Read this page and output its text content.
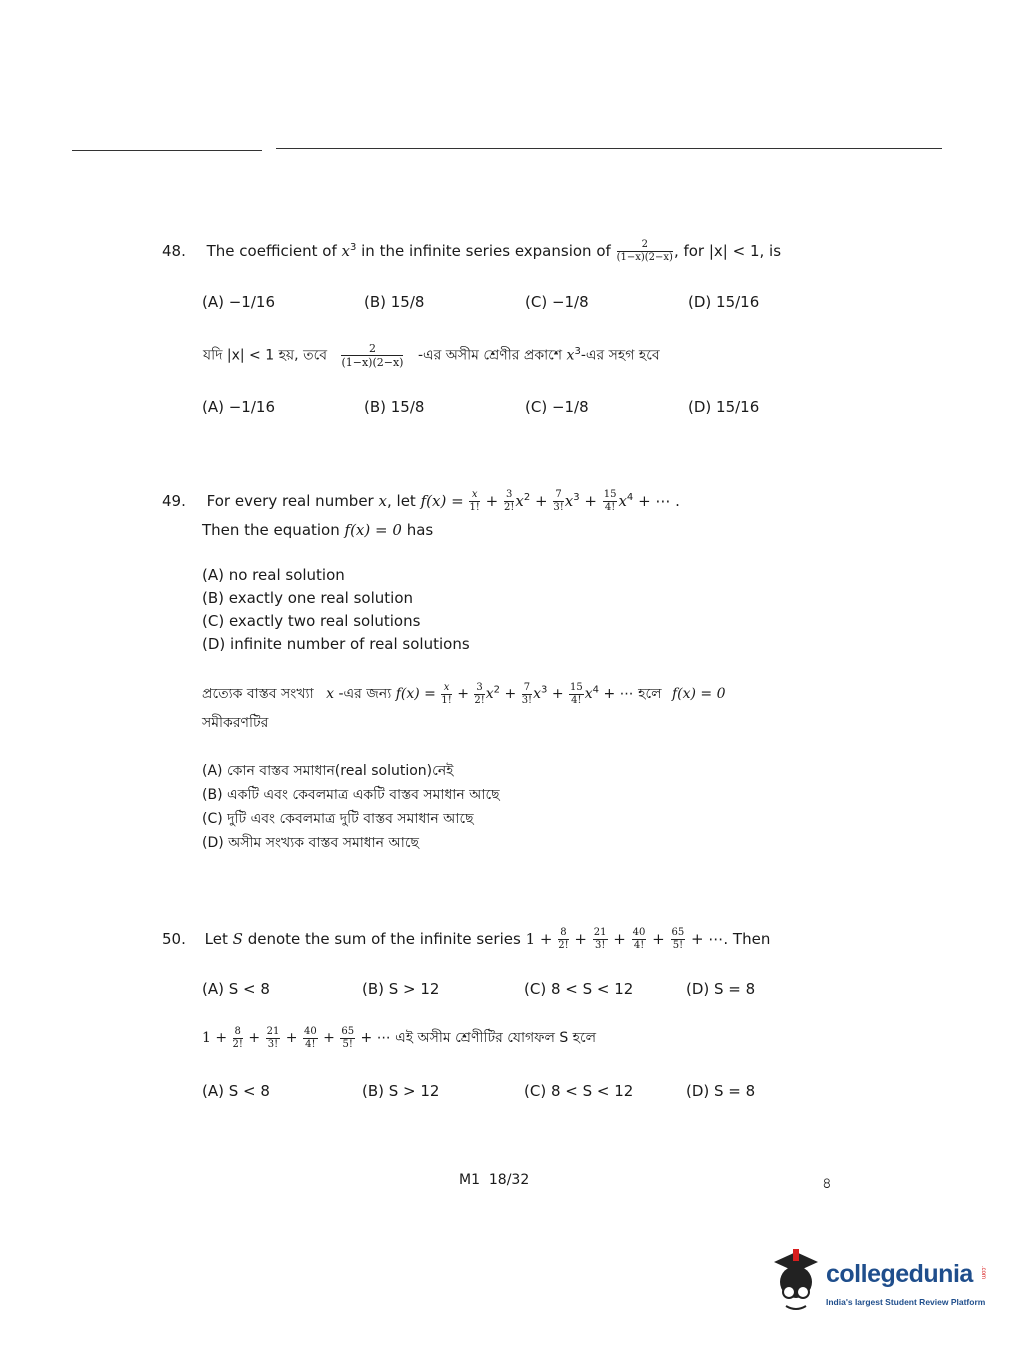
48. The coefficient of $x^3$ in the infinite series expansion of $\frac{2}{(1-x)(2-x)}$ , for |x| < 1, is
(A) −1/16	(B) 15/8	(C) −1/8	(D) 15/16
যদি |x| < 1 হয়, তবে $\frac{2}{(1-x)(2-x)}$ -এর অসীম শ্রেণীর প্রকাশে $x^3-এর$ সহগ হবে
(A) −1/16	(B) 15/8	(C) −1/8	(D) 15/16
49. For every real number x, let $f(x) = \frac{x}{1!} + \frac{3}{2!} x^2 + \frac{7}{3!} x^3 + \frac{15}{4!} x^4$ + ⋯ .
Then the equation f(x) = 0 has
(A) no real solution
(B) exactly one real solution
(C) exactly two real solutions
(D) infinite number of real solutions
প্রত্যেক বাস্তব সংখ্যা x -এর জন্য $f(x) = \frac{x}{1!} + \frac{3}{2!} x^2 + \frac{7}{3!} x^3 + \frac{15}{4!} x^4$ + ⋯ হলে f(x) = 0
সমীকরণটির
(A) কোন বাস্তব সমাধান(real solution)নেই
(B) একটি এবং কেবলমাত্র একটি বাস্তব সমাধান আছে
(C) দুটি এবং কেবলমাত্র দুটি বাস্তব সমাধান আছে
(D) অসীম সংখ্যক বাস্তব সমাধান আছে
50. Let S denote the sum of the infinite series $1 + \frac{8}{2!} + \frac{21}{3!} + \frac{40}{4!} + \frac{65}{5!}$ + ⋯. Then
(A) S < 8	(B) S > 12	(C) 8 < S < 12	(D) S = 8
$1 + \frac{8}{2!} + \frac{21}{3!} + \frac{40}{4!} + \frac{65}{5!}$ + ⋯ এই অসীম শ্রেণীটির যোগফল S হলে
(A) S < 8	(B) S > 12	(C) 8 < S < 12	(D) S = 8
M1  18/32	৪
collegedunia .com
India's largest Student Review Platform
